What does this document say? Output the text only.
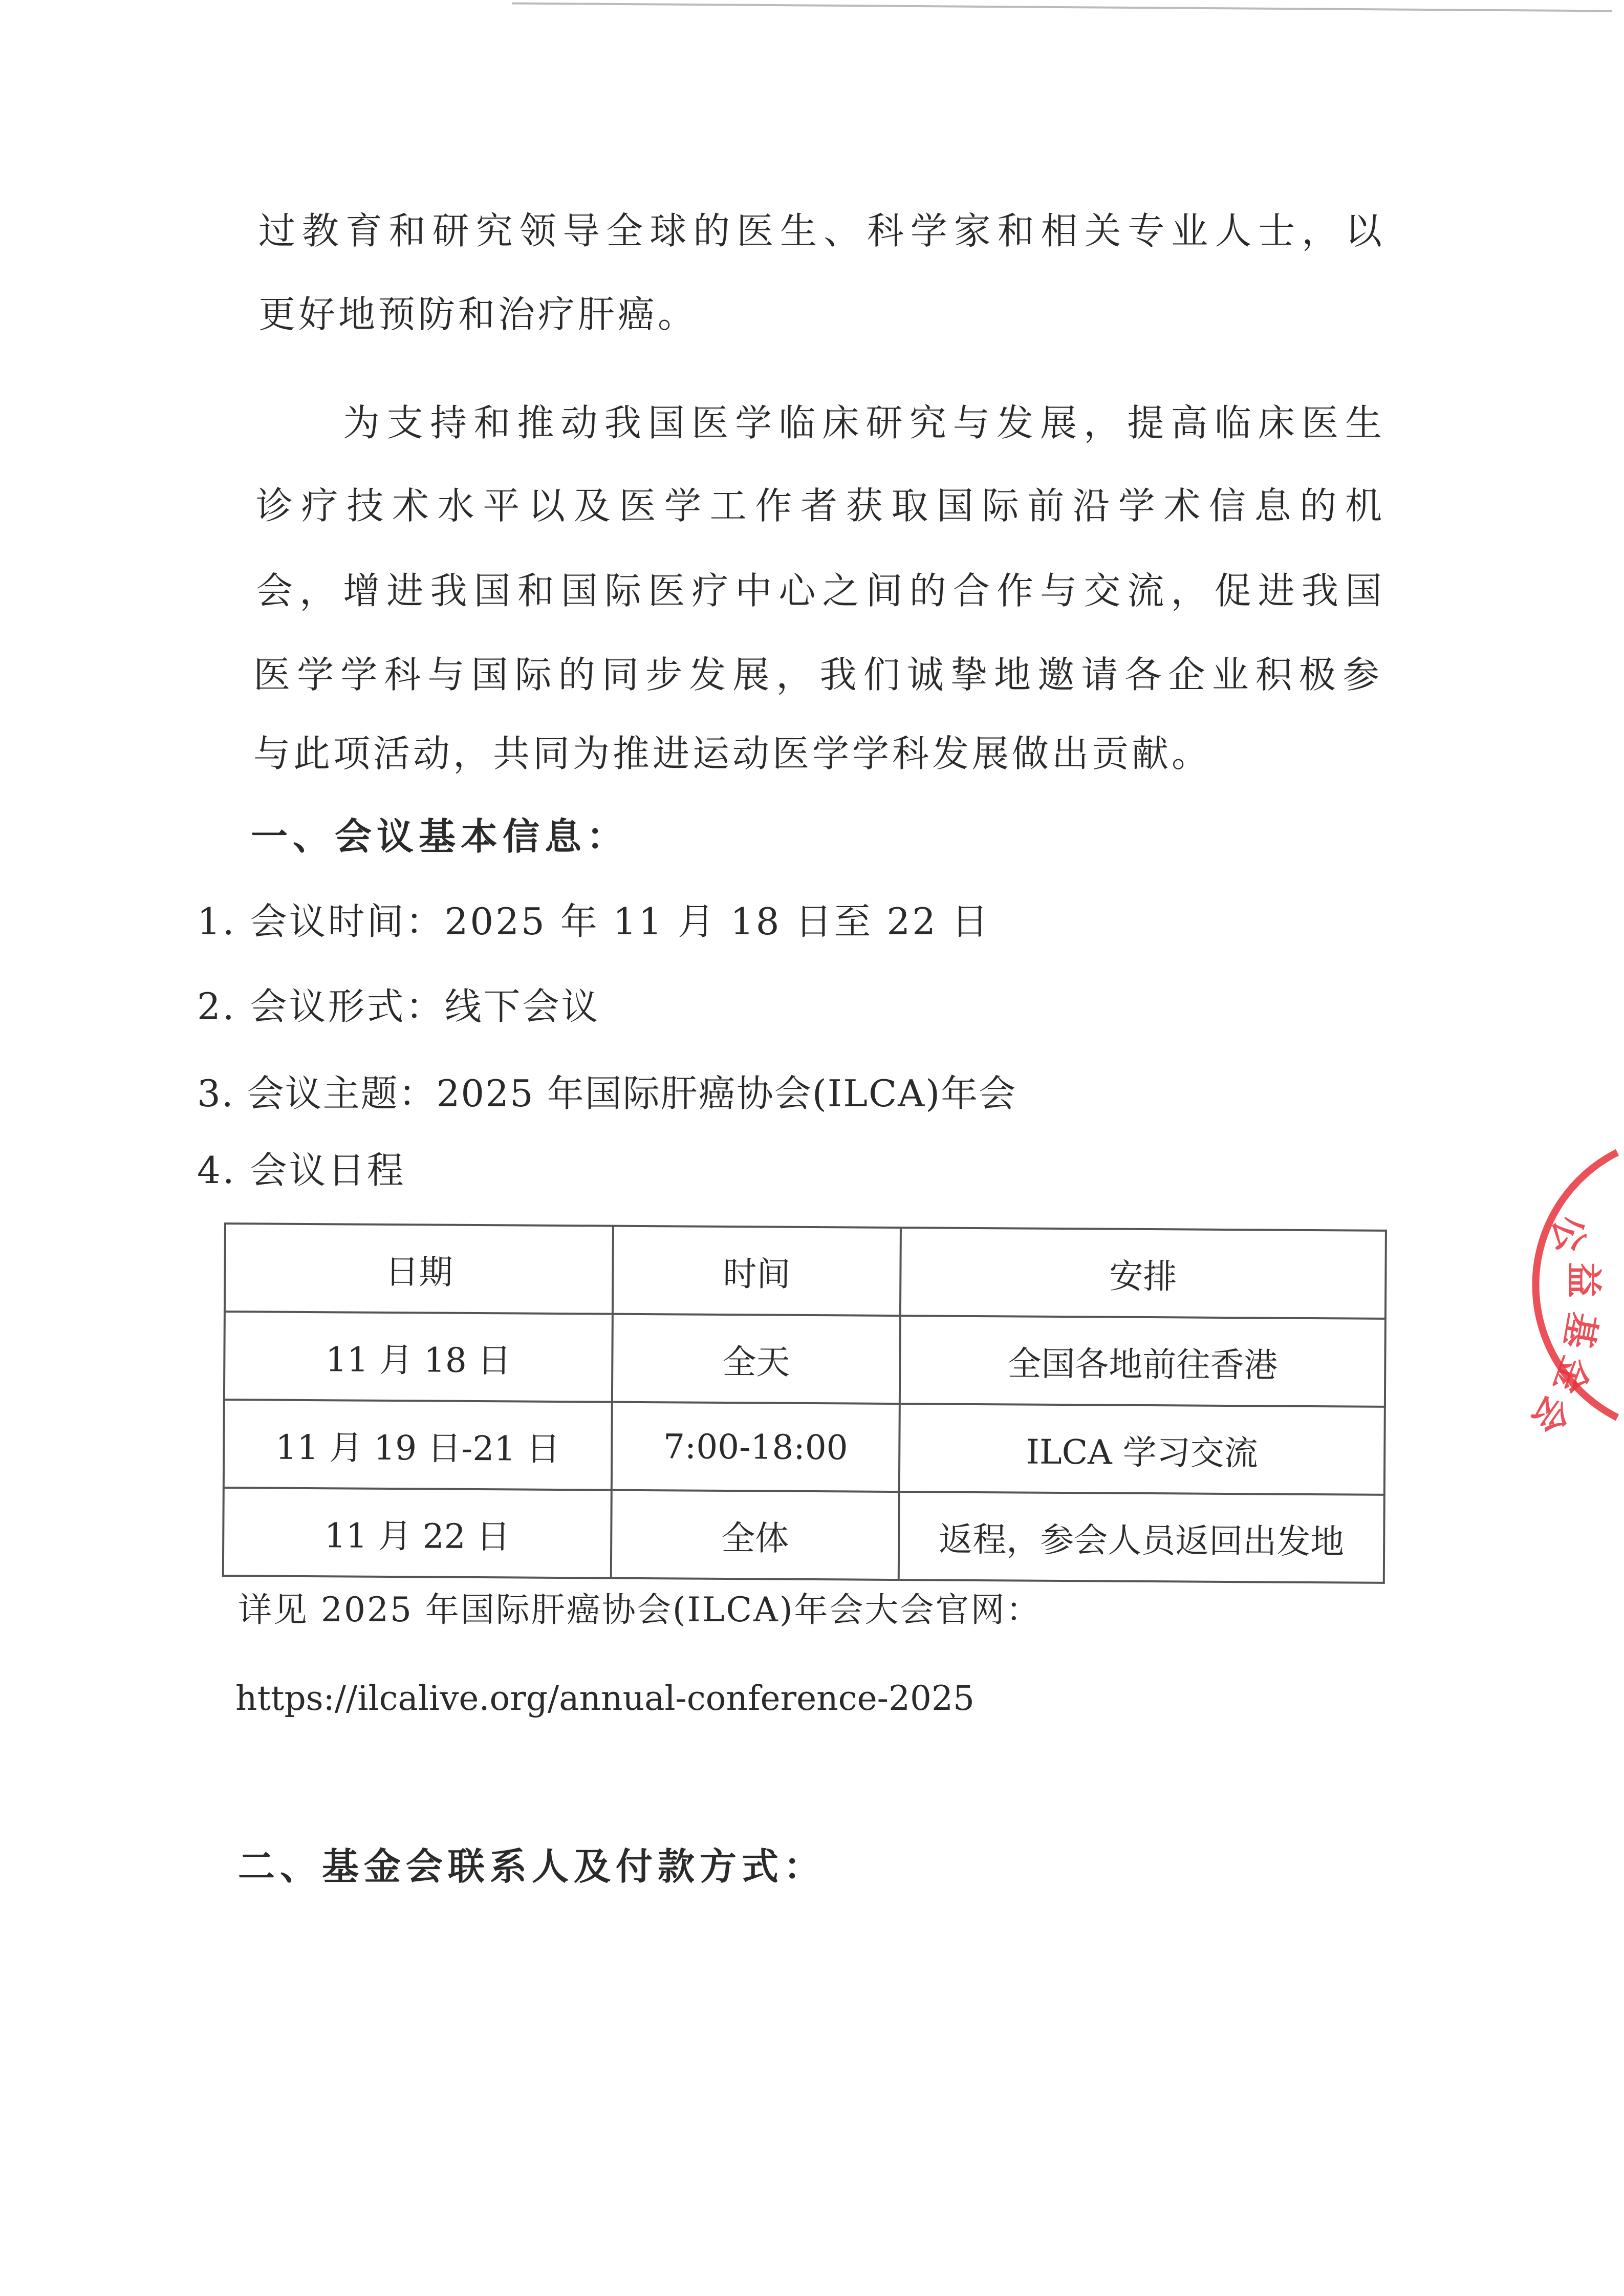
过教育和研究领导全球的医生、科学家和相关专业人士，以
更好地预防和治疗肝癌。
为支持和推动我国医学临床研究与发展，提高临床医生
诊疗技术水平以及医学工作者获取国际前沿学术信息的机
会，增进我国和国际医疗中心之间的合作与交流，促进我国
医学学科与国际的同步发展，我们诚挚地邀请各企业积极参
与此项活动，共同为推进运动医学学科发展做出贡献。
一、会议基本信息：
1. 会议时间：2025 年 11 月 18 日至 22 日
2. 会议形式：线下会议
3. 会议主题：2025 年国际肝癌协会(ILCA)年会
4. 会议日程
日期	时间	安排
11 月 18 日	全天	全国各地前往香港
11 月 19 日-21 日	7:00-18:00	ILCA 学习交流
11 月 22 日	全体	返程，参会人员返回出发地
详见 2025 年国际肝癌协会(ILCA)年会大会官网：
https://ilcalive.org/annual-conference-2025
二、基金会联系人及付款方式：
公
益
基
金
会
